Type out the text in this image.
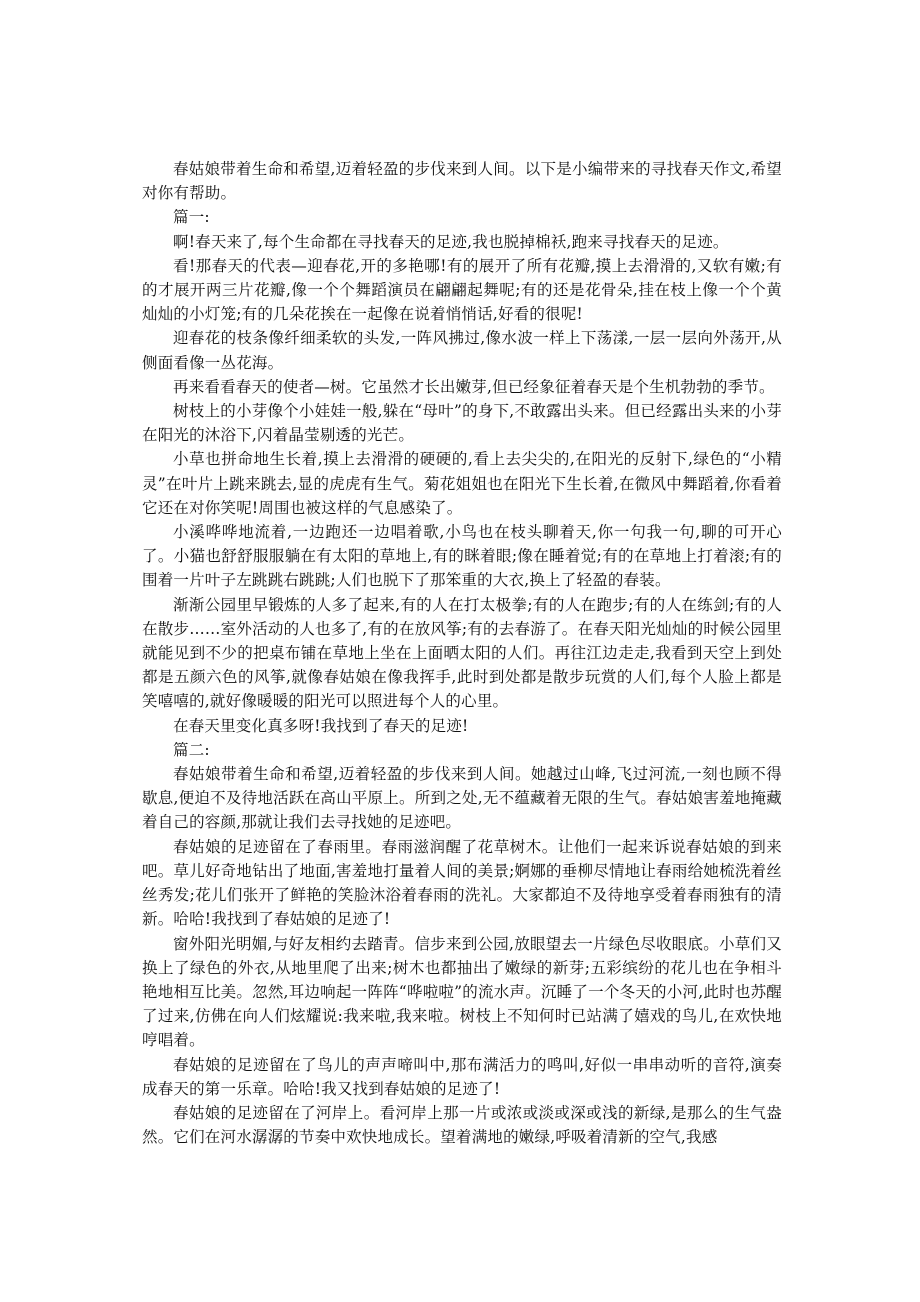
春姑娘带着生命和希望,迈着轻盈的步伐来到人间。以下是小编带来的寻找春天作文,希望对你有帮助。

篇一:

啊!春天来了,每个生命都在寻找春天的足迹,我也脱掉棉袄,跑来寻找春天的足迹。

看!那春天的代表—迎春花,开的多艳哪!有的展开了所有花瓣,摸上去滑滑的,又软有嫩;有的才展开两三片花瓣,像一个个舞蹈演员在翩翩起舞呢;有的还是花骨朵,挂在枝上像一个个黄灿灿的小灯笼;有的几朵花挨在一起像在说着悄悄话,好看的很呢!

迎春花的枝条像纤细柔软的头发,一阵风拂过,像水波一样上下荡漾,一层一层向外荡开,从侧面看像一丛花海。

再来看看春天的使者—树。它虽然才长出嫩芽,但已经象征着春天是个生机勃勃的季节。

树枝上的小芽像个小娃娃一般,躲在“母叶”的身下,不敢露出头来。但已经露出头来的小芽在阳光的沐浴下,闪着晶莹剔透的光芒。

小草也拼命地生长着,摸上去滑滑的硬硬的,看上去尖尖的,在阳光的反射下,绿色的“小精灵”在叶片上跳来跳去,显的虎虎有生气。菊花姐姐也在阳光下生长着,在微风中舞蹈着,你看着它还在对你笑呢!周围也被这样的气息感染了。

小溪哗哗地流着,一边跑还一边唱着歌,小鸟也在枝头聊着天,你一句我一句,聊的可开心了。小猫也舒舒服服躺在有太阳的草地上,有的眯着眼;像在睡着觉;有的在草地上打着滚;有的围着一片叶子左跳跳右跳跳;人们也脱下了那笨重的大衣,换上了轻盈的春装。

渐渐公园里早锻炼的人多了起来,有的人在打太极拳;有的人在跑步;有的人在练剑;有的人在散步……室外活动的人也多了,有的在放风筝;有的去春游了。在春天阳光灿灿的时候公园里就能见到不少的把桌布铺在草地上坐在上面晒太阳的人们。再往江边走走,我看到天空上到处都是五颜六色的风筝,就像春姑娘在像我挥手,此时到处都是散步玩赏的人们,每个人脸上都是笑嘻嘻的,就好像暖暖的阳光可以照进每个人的心里。

在春天里变化真多呀!我找到了春天的足迹!

篇二:

春姑娘带着生命和希望,迈着轻盈的步伐来到人间。她越过山峰,飞过河流,一刻也顾不得歇息,便迫不及待地活跃在高山平原上。所到之处,无不蕴藏着无限的生气。春姑娘害羞地掩藏着自己的容颜,那就让我们去寻找她的足迹吧。

春姑娘的足迹留在了春雨里。春雨滋润醒了花草树木。让他们一起来诉说春姑娘的到来吧。草儿好奇地钻出了地面,害羞地打量着人间的美景;婀娜的垂柳尽情地让春雨给她梳洗着丝丝秀发;花儿们张开了鲜艳的笑脸沐浴着春雨的洗礼。大家都迫不及待地享受着春雨独有的清新。哈哈!我找到了春姑娘的足迹了!

窗外阳光明媚,与好友相约去踏青。信步来到公园,放眼望去一片绿色尽收眼底。小草们又换上了绿色的外衣,从地里爬了出来;树木也都抽出了嫩绿的新芽;五彩缤纷的花儿也在争相斗艳地相互比美。忽然,耳边响起一阵阵“哗啦啦”的流水声。沉睡了一个冬天的小河,此时也苏醒了过来,仿佛在向人们炫耀说:我来啦,我来啦。树枝上不知何时已站满了嬉戏的鸟儿,在欢快地哼唱着。

春姑娘的足迹留在了鸟儿的声声啼叫中,那布满活力的鸣叫,好似一串串动听的音符,演奏成春天的第一乐章。哈哈!我又找到春姑娘的足迹了!

春姑娘的足迹留在了河岸上。看河岸上那一片或浓或淡或深或浅的新绿,是那么的生气盎然。它们在河水潺潺的节奏中欢快地成长。望着满地的嫩绿,呼吸着清新的空气,我感
